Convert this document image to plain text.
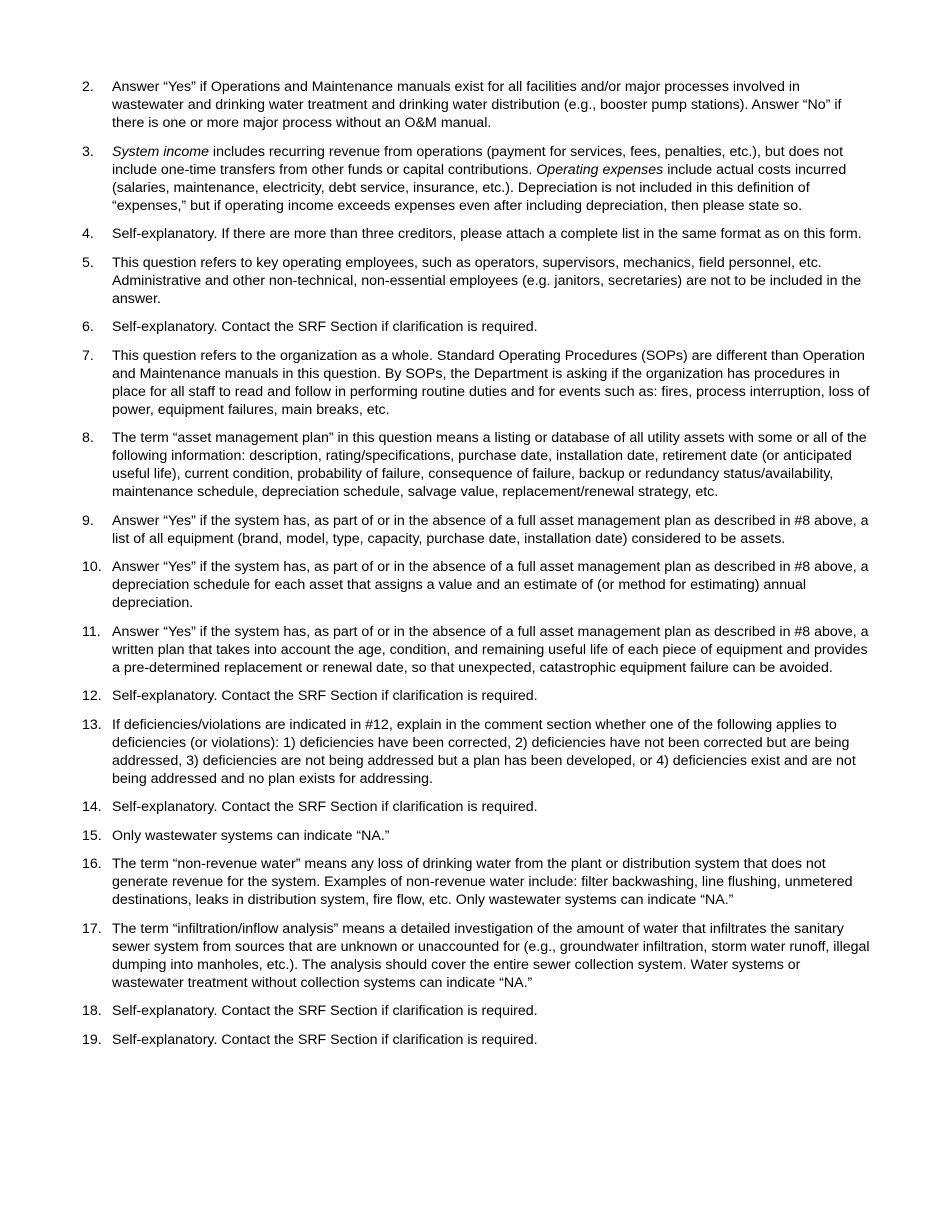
2.	Answer “Yes” if Operations and Maintenance manuals exist for all facilities and/or major processes involved in wastewater and drinking water treatment and drinking water distribution (e.g., booster pump stations). Answer “No” if there is one or more major process without an O&M manual.
3.	System income includes recurring revenue from operations (payment for services, fees, penalties, etc.), but does not include one-time transfers from other funds or capital contributions. Operating expenses include actual costs incurred (salaries, maintenance, electricity, debt service, insurance, etc.). Depreciation is not included in this definition of “expenses,” but if operating income exceeds expenses even after including depreciation, then please state so.
4.	Self-explanatory. If there are more than three creditors, please attach a complete list in the same format as on this form.
5.	This question refers to key operating employees, such as operators, supervisors, mechanics, field personnel, etc. Administrative and other non-technical, non-essential employees (e.g. janitors, secretaries) are not to be included in the answer.
6.	Self-explanatory. Contact the SRF Section if clarification is required.
7.	This question refers to the organization as a whole. Standard Operating Procedures (SOPs) are different than Operation and Maintenance manuals in this question. By SOPs, the Department is asking if the organization has procedures in place for all staff to read and follow in performing routine duties and for events such as: fires, process interruption, loss of power, equipment failures, main breaks, etc.
8.	The term “asset management plan” in this question means a listing or database of all utility assets with some or all of the following information: description, rating/specifications, purchase date, installation date, retirement date (or anticipated useful life), current condition, probability of failure, consequence of failure, backup or redundancy status/availability, maintenance schedule, depreciation schedule, salvage value, replacement/renewal strategy, etc.
9.	Answer “Yes” if the system has, as part of or in the absence of a full asset management plan as described in #8 above, a list of all equipment (brand, model, type, capacity, purchase date, installation date) considered to be assets.
10. Answer “Yes” if the system has, as part of or in the absence of a full asset management plan as described in #8 above, a depreciation schedule for each asset that assigns a value and an estimate of (or method for estimating) annual depreciation.
11. Answer “Yes” if the system has, as part of or in the absence of a full asset management plan as described in #8 above, a written plan that takes into account the age, condition, and remaining useful life of each piece of equipment and provides a pre-determined replacement or renewal date, so that unexpected, catastrophic equipment failure can be avoided.
12. Self-explanatory. Contact the SRF Section if clarification is required.
13. If deficiencies/violations are indicated in #12, explain in the comment section whether one of the following applies to deficiencies (or violations): 1) deficiencies have been corrected, 2) deficiencies have not been corrected but are being addressed, 3) deficiencies are not being addressed but a plan has been developed, or 4) deficiencies exist and are not being addressed and no plan exists for addressing.
14. Self-explanatory. Contact the SRF Section if clarification is required.
15. Only wastewater systems can indicate “NA.”
16. The term “non-revenue water” means any loss of drinking water from the plant or distribution system that does not generate revenue for the system. Examples of non-revenue water include: filter backwashing, line flushing, unmetered destinations, leaks in distribution system, fire flow, etc. Only wastewater systems can indicate “NA.”
17. The term “infiltration/inflow analysis” means a detailed investigation of the amount of water that infiltrates the sanitary sewer system from sources that are unknown or unaccounted for (e.g., groundwater infiltration, storm water runoff, illegal dumping into manholes, etc.). The analysis should cover the entire sewer collection system. Water systems or wastewater treatment without collection systems can indicate “NA.”
18. Self-explanatory. Contact the SRF Section if clarification is required.
19. Self-explanatory. Contact the SRF Section if clarification is required.
